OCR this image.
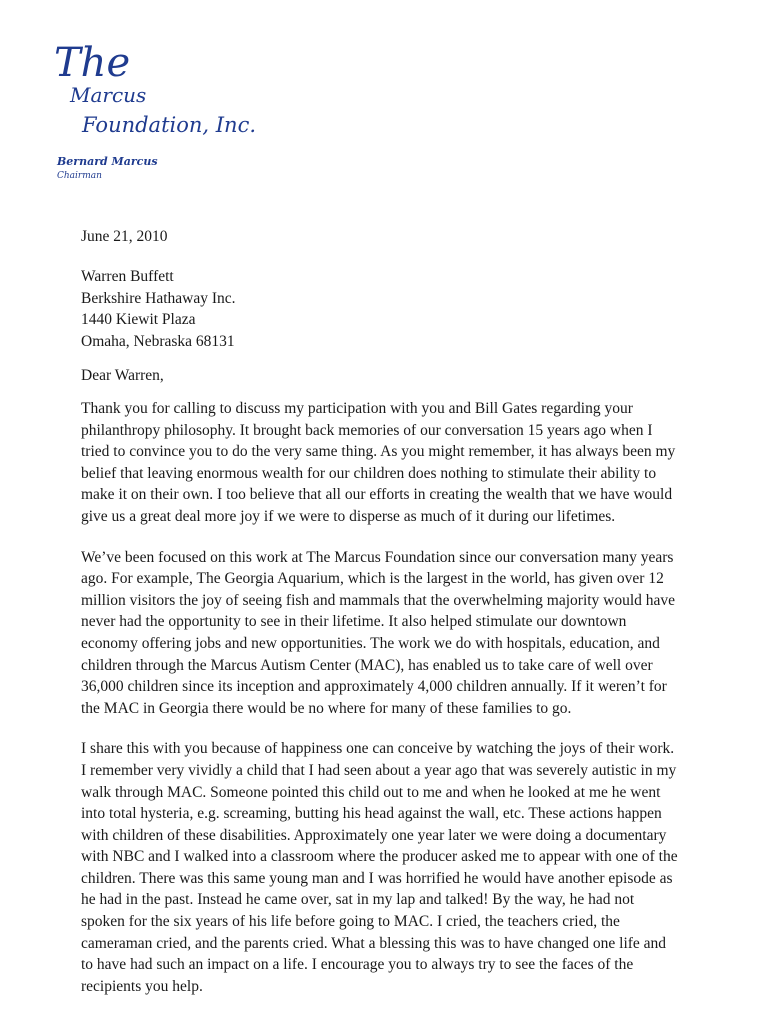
The
Marcus
Foundation, Inc.
Bernard Marcus
Chairman
June 21, 2010
Warren Buffett
Berkshire Hathaway Inc.
1440 Kiewit Plaza
Omaha, Nebraska 68131
Dear Warren,

Thank you for calling to discuss my participation with you and Bill Gates regarding your
philanthropy philosophy. It brought back memories of our conversation 15 years ago when I
tried to convince you to do the very same thing. As you might remember, it has always been my
belief that leaving enormous wealth for our children does nothing to stimulate their ability to
make it on their own. I too believe that all our efforts in creating the wealth that we have would
give us a great deal more joy if we were to disperse as much of it during our lifetimes.

We’ve been focused on this work at The Marcus Foundation since our conversation many years
ago. For example, The Georgia Aquarium, which is the largest in the world, has given over 12
million visitors the joy of seeing fish and mammals that the overwhelming majority would have
never had the opportunity to see in their lifetime. It also helped stimulate our downtown
economy offering jobs and new opportunities. The work we do with hospitals, education, and
children through the Marcus Autism Center (MAC), has enabled us to take care of well over
36,000 children since its inception and approximately 4,000 children annually. If it weren’t for
the MAC in Georgia there would be no where for many of these families to go.

I share this with you because of happiness one can conceive by watching the joys of their work.
I remember very vividly a child that I had seen about a year ago that was severely autistic in my
walk through MAC. Someone pointed this child out to me and when he looked at me he went
into total hysteria, e.g. screaming, butting his head against the wall, etc. These actions happen
with children of these disabilities. Approximately one year later we were doing a documentary
with NBC and I walked into a classroom where the producer asked me to appear with one of the
children. There was this same young man and I was horrified he would have another episode as
he had in the past. Instead he came over, sat in my lap and talked! By the way, he had not
spoken for the six years of his life before going to MAC. I cried, the teachers cried, the
cameraman cried, and the parents cried. What a blessing this was to have changed one life and
to have had such an impact on a life. I encourage you to always try to see the faces of the
recipients you help.
